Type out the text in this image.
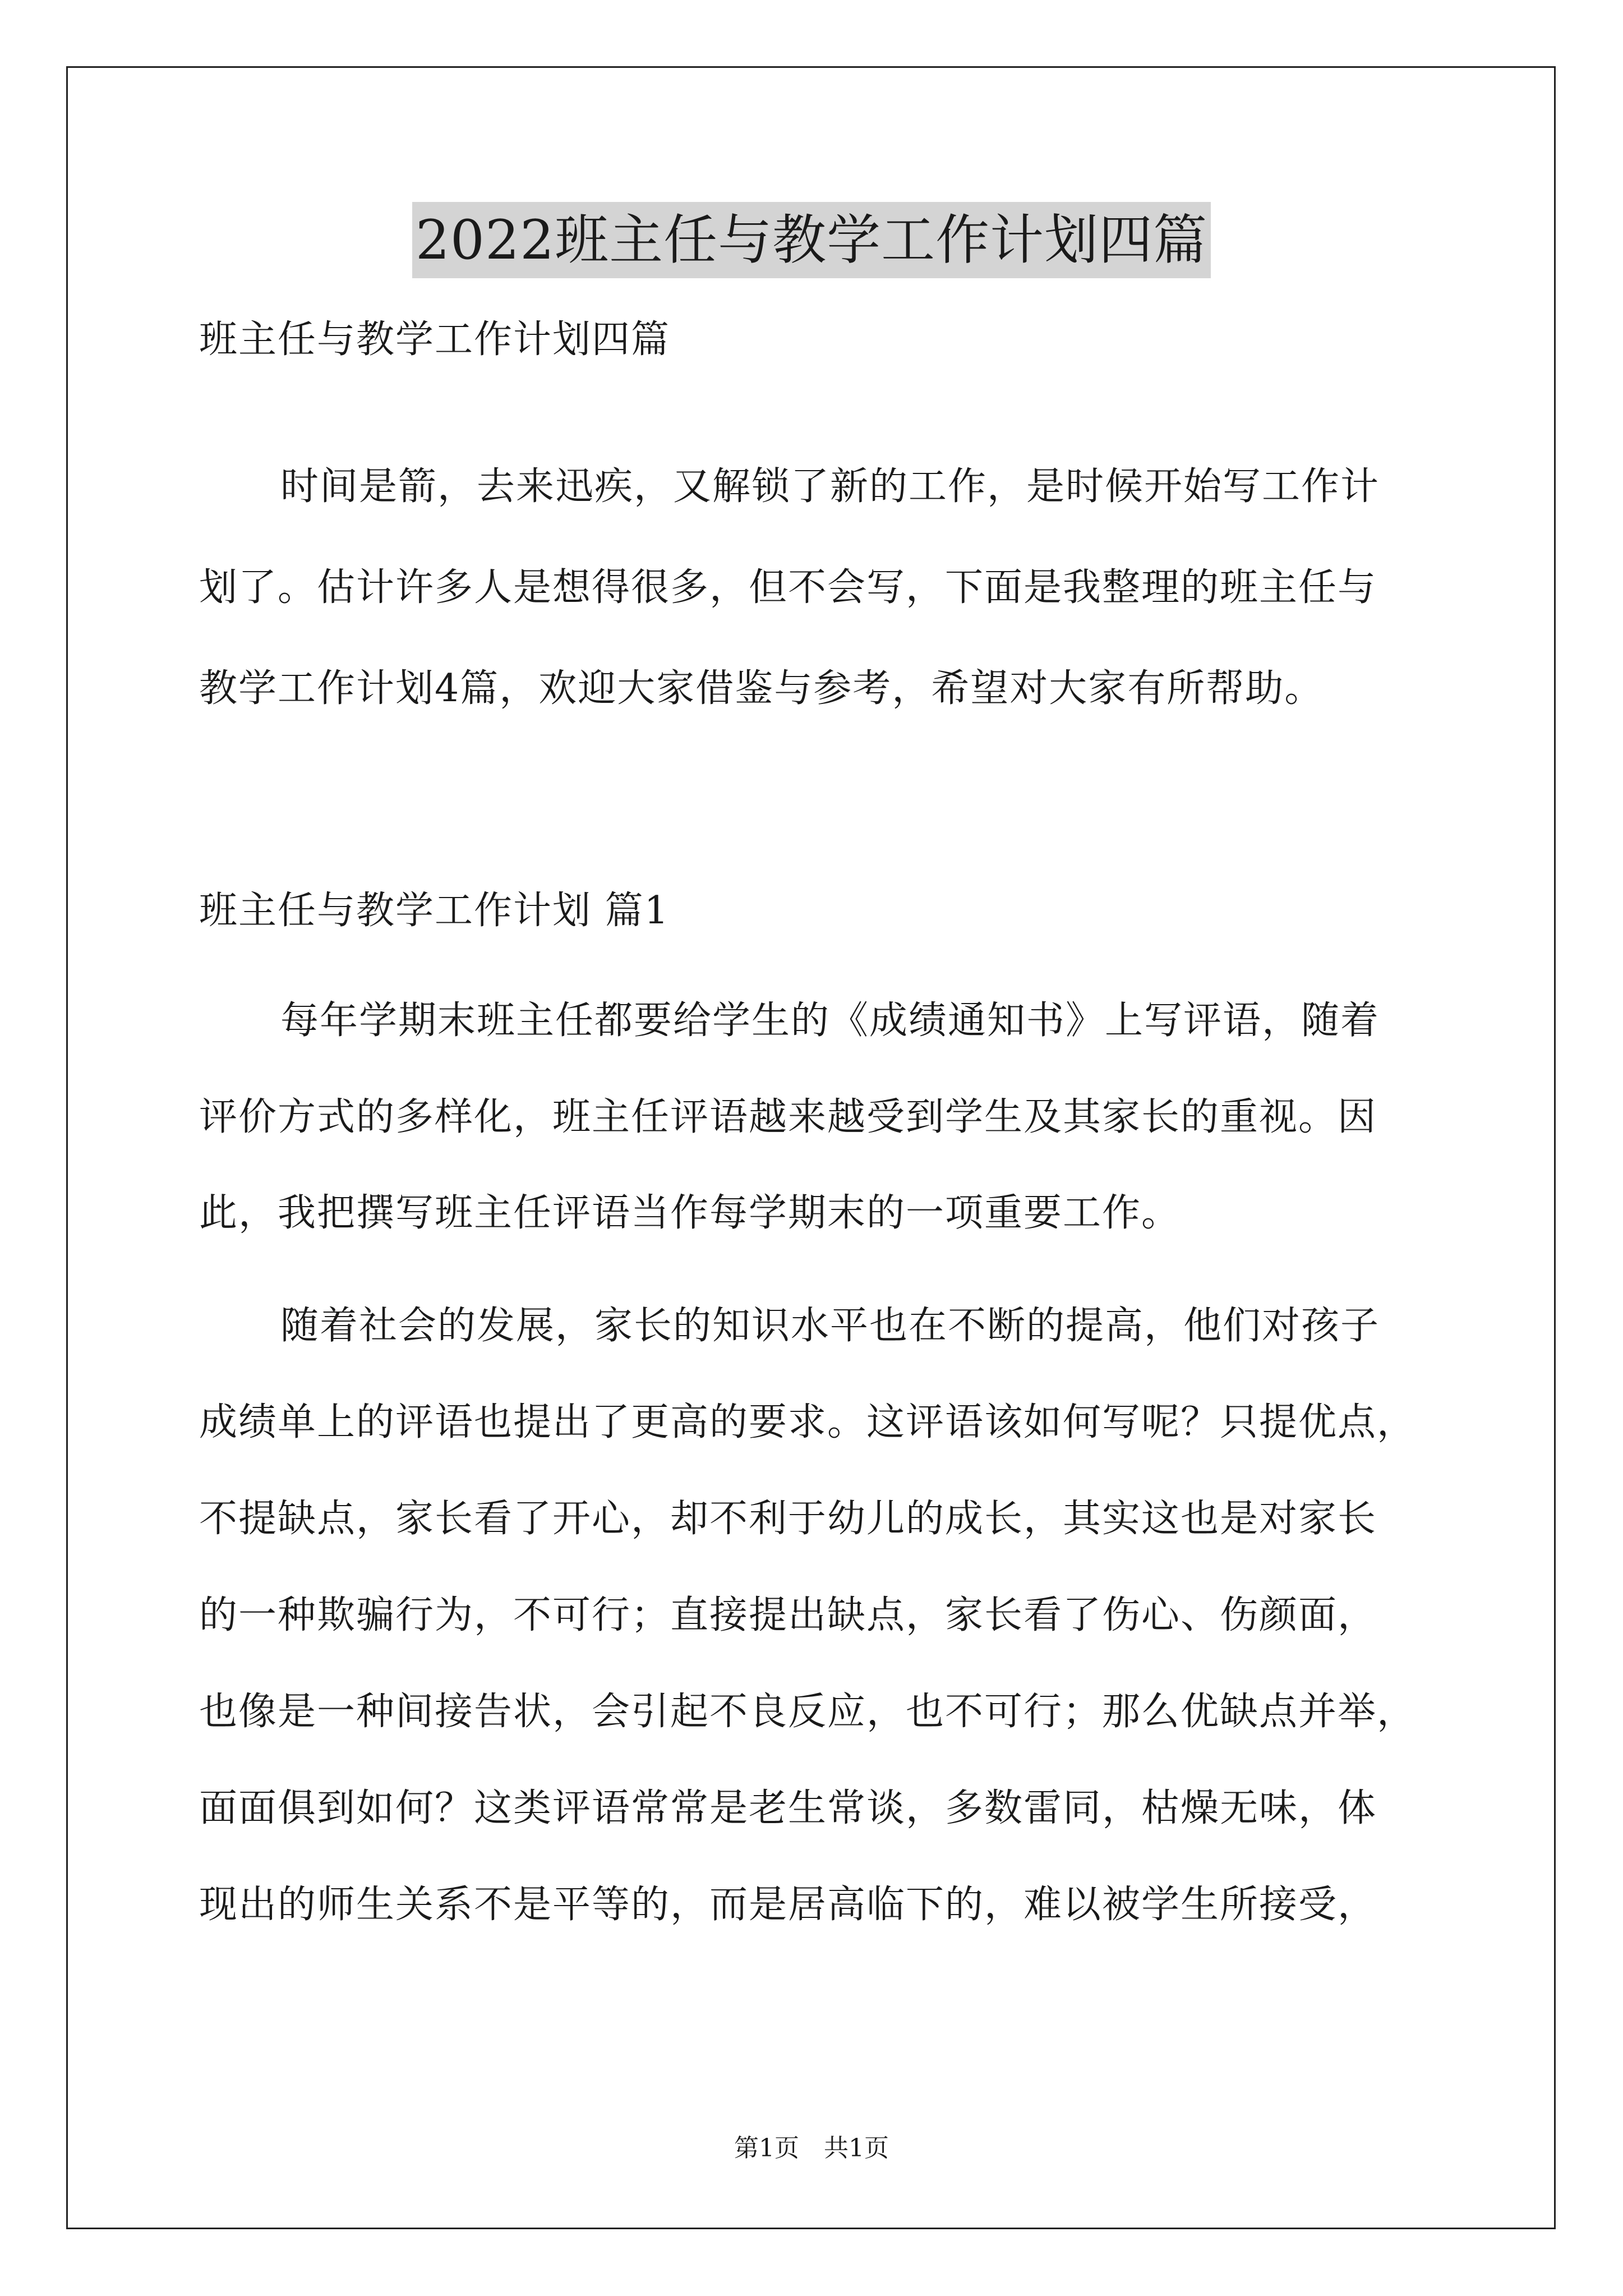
2022班主任与教学工作计划四篇
班主任与教学工作计划四篇
时间是箭，去来迅疾，又解锁了新的工作，是时候开始写工作计
划了。估计许多人是想得很多，但不会写，下面是我整理的班主任与
教学工作计划4篇，欢迎大家借鉴与参考，希望对大家有所帮助。
班主任与教学工作计划 篇1
每年学期末班主任都要给学生的《成绩通知书》上写评语，随着
评价方式的多样化，班主任评语越来越受到学生及其家长的重视。因
此，我把撰写班主任评语当作每学期末的一项重要工作。
随着社会的发展，家长的知识水平也在不断的提高，他们对孩子
成绩单上的评语也提出了更高的要求。这评语该如何写呢？只提优点，
不提缺点，家长看了开心，却不利于幼儿的成长，其实这也是对家长
的一种欺骗行为，不可行；直接提出缺点，家长看了伤心、伤颜面，
也像是一种间接告状，会引起不良反应，也不可行；那么优缺点并举，
面面俱到如何？这类评语常常是老生常谈，多数雷同，枯燥无味，体
现出的师生关系不是平等的，而是居高临下的，难以被学生所接受，
第1页　共1页
